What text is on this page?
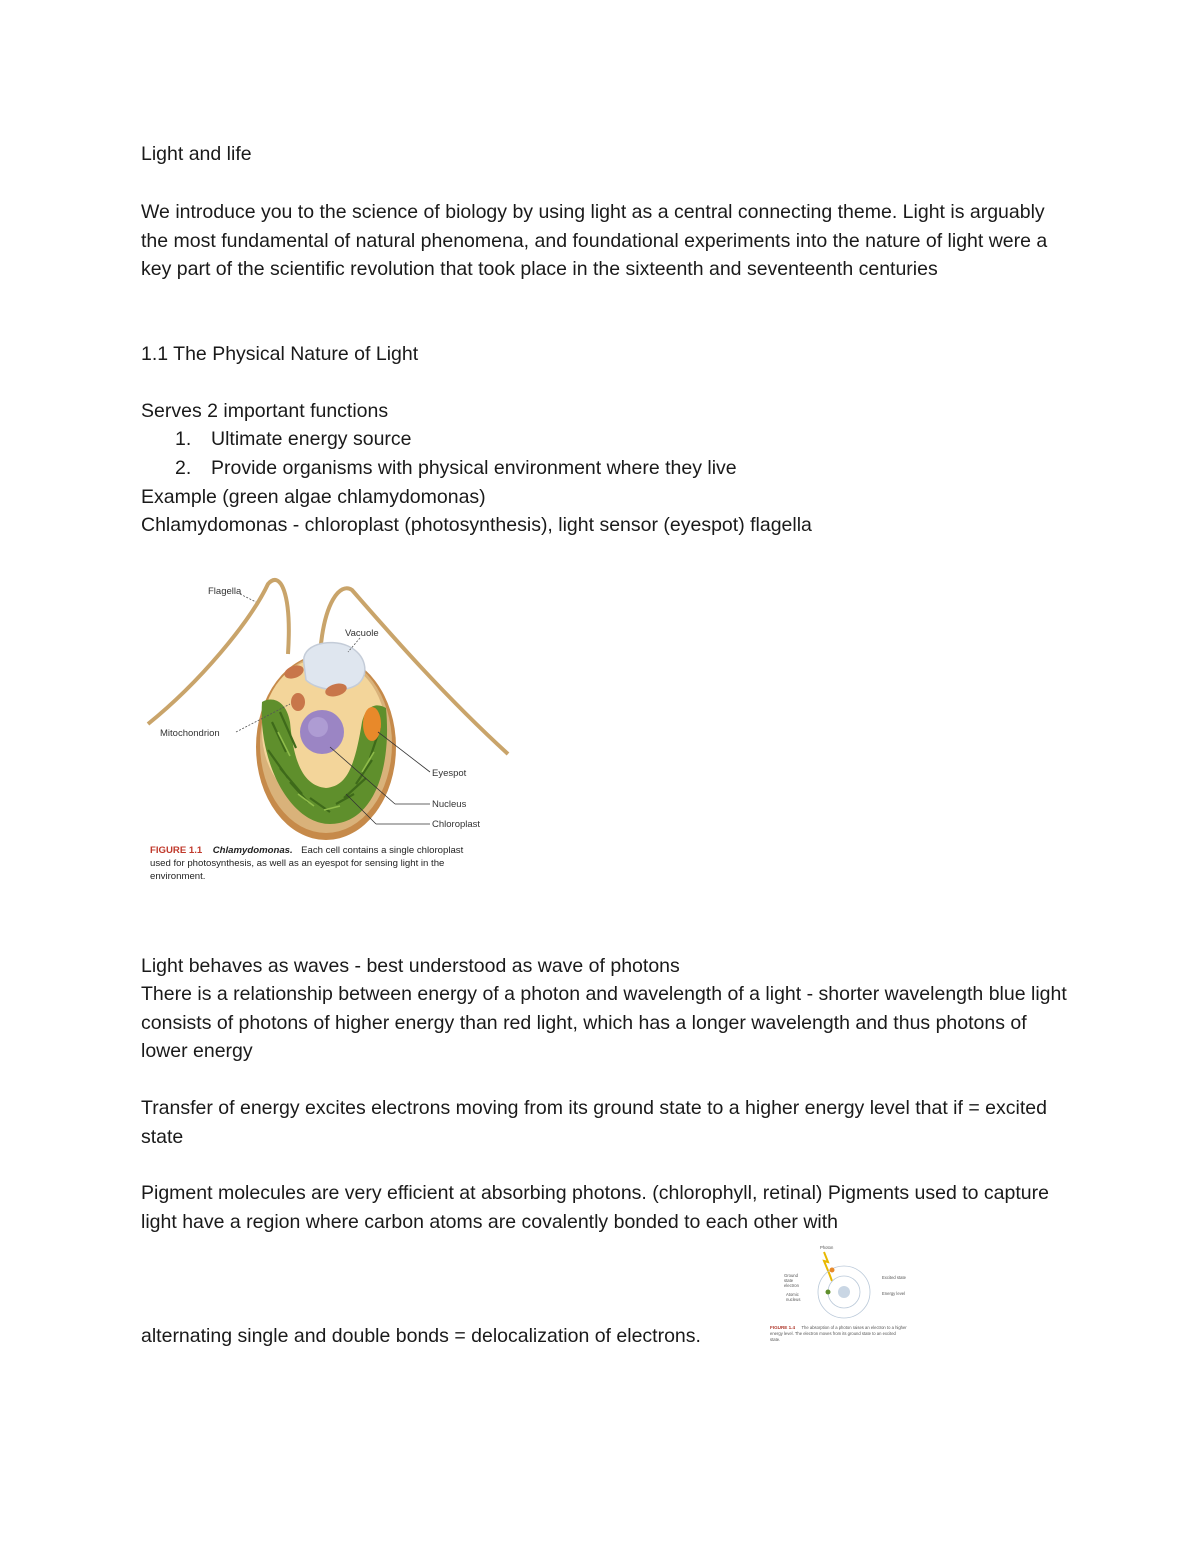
Light and life

We introduce you to the science of biology by using light as a central connecting theme. Light is arguably the most fundamental of natural phenomena, and foundational experiments into the nature of light were a key part of the scientific revolution that took place in the sixteenth and seventeenth centuries

1.1 The Physical Nature of Light

Serves 2 important functions

1. Ultimate energy source
2. Provide organisms with physical environment where they live

Example (green algae chlamydomonas)

Chlamydomonas - chloroplast (photosynthesis), light sensor (eyespot) flagella

Flagella
Vacuole
Mitochondrion
Eyespot
Nucleus
Chloroplast
FIGURE 1.1 Chlamydomonas. Each cell contains a single chloroplast
used for photosynthesis, as well as an eyespot for sensing light in the
environment.

Light behaves as waves - best understood as wave of photons

There is a relationship between energy of a photon and wavelength of a light - shorter wavelength blue light consists of photons of higher energy than red light, which has a longer wavelength and thus photons of lower energy

Transfer of energy excites electrons moving from its ground state to a higher energy level that if = excited state

Pigment molecules are very efficient at absorbing photons. (chlorophyll, retinal) Pigments used to capture light have a region where carbon atoms are covalently bonded to each other with

alternating single and double bonds = delocalization of electrons.

Photon
Ground
state
electron
Atomic
nucleus
Excited state
Energy level
FIGURE 1.4 The absorption of a photon raises an electron to a higher
energy level. The electron moves from its ground state to an excited
state.
